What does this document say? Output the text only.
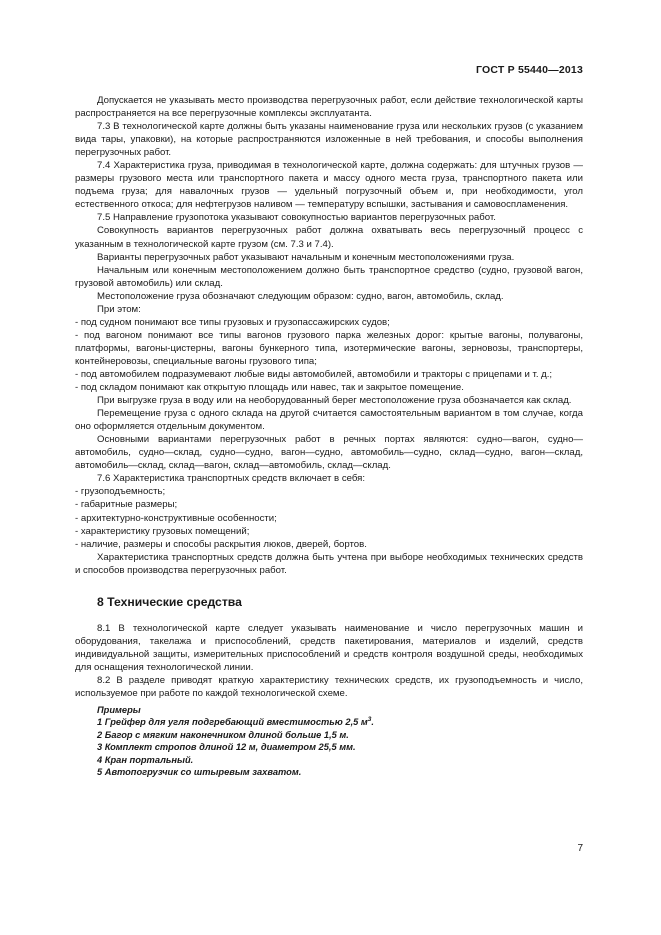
ГОСТ Р 55440—2013

Допускается не указывать место производства перегрузочных работ, если действие технологической карты распространяется на все перегрузочные комплексы эксплуатанта.

7.3 В технологической карте должны быть указаны наименование груза или нескольких грузов (с указанием вида тары, упаковки), на которые распространяются изложенные в ней требования, и способы выполнения перегрузочных работ.

7.4 Характеристика груза, приводимая в технологической карте, должна содержать: для штучных грузов — размеры грузового места или транспортного пакета и массу одного места груза, транспортного пакета или подъема груза; для навалочных грузов — удельный погрузочный объем и, при необходимости, угол естественного откоса; для нефтегрузов наливом — температуру вспышки, застывания и самовоспламенения.

7.5 Направление грузопотока указывают совокупностью вариантов перегрузочных работ.

Совокупность вариантов перегрузочных работ должна охватывать весь перегрузочный процесс с указанным в технологической карте грузом (см. 7.3 и 7.4).

Варианты перегрузочных работ указывают начальным и конечным местоположениями груза.

Начальным или конечным местоположением должно быть транспортное средство (судно, грузовой вагон, грузовой автомобиль) или склад.

Местоположение груза обозначают следующим образом: судно, вагон, автомобиль, склад.

При этом:

- под судном понимают все типы грузовых и грузопассажирских судов;

- под вагоном понимают все типы вагонов грузового парка железных дорог: крытые вагоны, полувагоны, платформы, вагоны-цистерны, вагоны бункерного типа, изотермические вагоны, зерновозы, транспортеры, контейнеровозы, специальные вагоны грузового типа;

- под автомобилем подразумевают любые виды автомобилей, автомобили и тракторы с прицепами и т. д.;

- под складом понимают как открытую площадь или навес, так и закрытое помещение.

При выгрузке груза в воду или на необорудованный берег местоположение груза обозначается как склад.

Перемещение груза с одного склада на другой считается самостоятельным вариантом в том случае, когда оно оформляется отдельным документом.

Основными вариантами перегрузочных работ в речных портах являются: судно—вагон, судно—автомобиль, судно—склад, судно—судно, вагон—судно, автомобиль—судно, склад—судно, вагон—склад, автомобиль—склад, склад—вагон, склад—автомобиль, склад—склад.

7.6 Характеристика транспортных средств включает в себя:

- грузоподъемность;

- габаритные размеры;

- архитектурно-конструктивные особенности;

- характеристику грузовых помещений;

- наличие, размеры и способы раскрытия люков, дверей, бортов.

Характеристика транспортных средств должна быть учтена при выборе необходимых технических средств и способов производства перегрузочных работ.

8 Технические средства

8.1 В технологической карте следует указывать наименование и число перегрузочных машин и оборудования, такелажа и приспособлений, средств пакетирования, материалов и изделий, средств индивидуальной защиты, измерительных приспособлений и средств контроля воздушной среды, необходимых для оснащения технологической линии.

8.2 В разделе приводят краткую характеристику технических средств, их грузоподъемность и число, используемое при работе по каждой технологической схеме.

Примеры

1 Грейфер для угля подгребающий вместимостью 2,5 $м^3$.

2 Багор с мягким наконечником длиной больше 1,5 м.

3 Комплект стропов длиной 12 м, диаметром 25,5 мм.

4 Кран портальный.

5 Автопогрузчик со штыревым захватом.

7
